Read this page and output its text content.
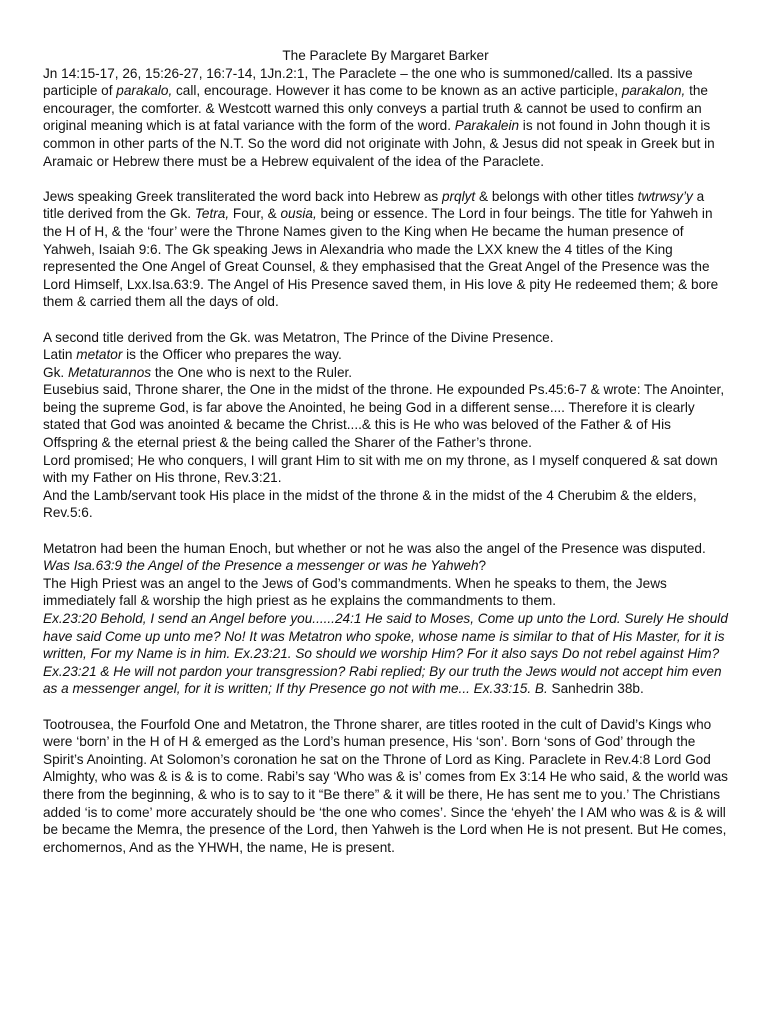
The Paraclete By Margaret Barker
Jn 14:15-17, 26, 15:26-27, 16:7-14, 1Jn.2:1, The Paraclete – the one who is summoned/called. Its a passive participle of parakalo, call, encourage. However it has come to be known as an active participle, parakalon, the encourager, the comforter. & Westcott warned this only conveys a partial truth & cannot be used to confirm an original meaning which is at fatal variance with the form of the word. Parakalein is not found in John though it is common in other parts of the N.T. So the word did not originate with John, & Jesus did not speak in Greek but in Aramaic or Hebrew there must be a Hebrew equivalent of the idea of the Paraclete.
Jews speaking Greek transliterated the word back into Hebrew as prqlyt & belongs with other titles twtrwsy’y a title derived from the Gk. Tetra, Four, & ousia, being or essence. The Lord in four beings. The title for Yahweh in the H of H, & the ‘four’ were the Throne Names given to the King when He became the human presence of Yahweh, Isaiah 9:6. The Gk speaking Jews in Alexandria who made the LXX knew the 4 titles of the King represented the One Angel of Great Counsel, & they emphasised that the Great Angel of the Presence was the Lord Himself, Lxx.Isa.63:9. The Angel of His Presence saved them, in His love & pity He redeemed them; & bore them & carried them all the days of old.
A second title derived from the Gk. was Metatron, The Prince of the Divine Presence.
Latin metator is the Officer who prepares the way.
Gk. Metaturannos the One who is next to the Ruler.
Eusebius said, Throne sharer, the One in the midst of the throne. He expounded Ps.45:6-7 & wrote: The Anointer, being the supreme God, is far above the Anointed, he being God in a different sense.... Therefore it is clearly stated that God was anointed & became the Christ....& this is He who was beloved of the Father & of His Offspring & the eternal priest & the being called the Sharer of the Father’s throne.
Lord promised; He who conquers, I will grant Him to sit with me on my throne, as I myself conquered & sat down with my Father on His throne, Rev.3:21.
And the Lamb/servant took His place in the midst of the throne & in the midst of the 4 Cherubim & the elders, Rev.5:6.
Metatron had been the human Enoch, but whether or not he was also the angel of the Presence was disputed. Was Isa.63:9 the Angel of the Presence a messenger or was he Yahweh?
The High Priest was an angel to the Jews of God’s commandments. When he speaks to them, the Jews immediately fall & worship the high priest as he explains the commandments to them.
Ex.23:20 Behold, I send an Angel before you......24:1 He said to Moses, Come up unto the Lord. Surely He should have said Come up unto me? No! It was Metatron who spoke, whose name is similar to that of His Master, for it is written, For my Name is in him. Ex.23:21. So should we worship Him? For it also says Do not rebel against Him? Ex.23:21 & He will not pardon your transgression? Rabi replied; By our truth the Jews would not accept him even as a messenger angel, for it is written; If thy Presence go not with me... Ex.33:15. B. Sanhedrin 38b.
Tootrousea, the Fourfold One and Metatron, the Throne sharer, are titles rooted in the cult of David’s Kings who were ‘born’ in the H of H & emerged as the Lord’s human presence, His ‘son’. Born ‘sons of God’ through the Spirit’s Anointing. At Solomon’s coronation he sat on the Throne of Lord as King. Paraclete in Rev.4:8 Lord God Almighty, who was & is & is to come. Rabi’s say ‘Who was & is’ comes from Ex 3:14 He who said, & the world was there from the beginning, & who is to say to it “Be there” & it will be there, He has sent me to you.’ The Christians added ‘is to come’ more accurately should be ‘the one who comes’. Since the ‘ehyeh’ the I AM who was & is & will be became the Memra, the presence of the Lord, then Yahweh is the Lord when He is not present. But He comes, erchomernos, And as the YHWH, the name, He is present.
